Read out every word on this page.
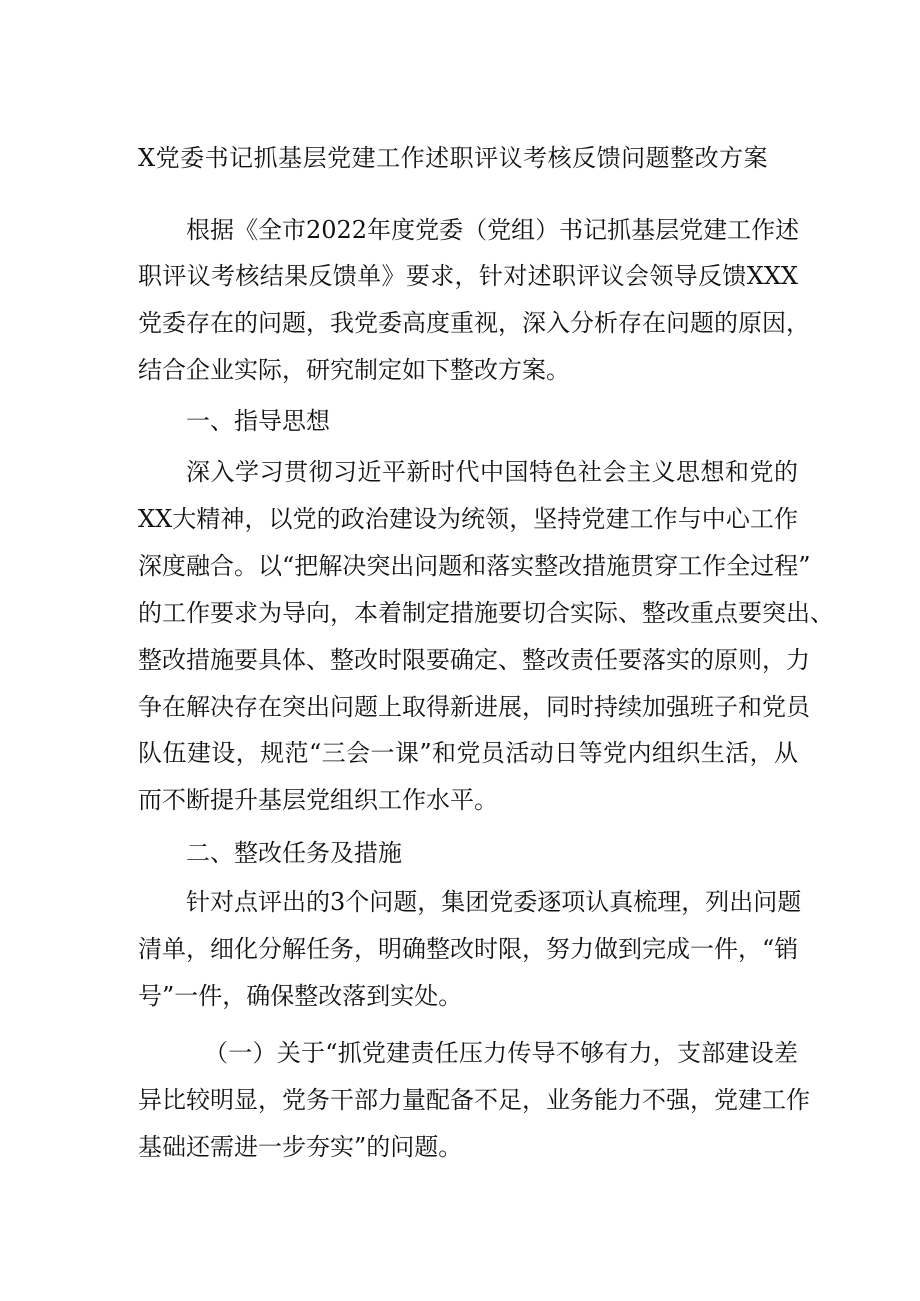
X党委书记抓基层党建工作述职评议考核反馈问题整改方案
根据《全市2022年度党委（党组）书记抓基层党建工作述
职评议考核结果反馈单》要求，针对述职评议会领导反馈XXX
党委存在的问题，我党委高度重视，深入分析存在问题的原因，
结合企业实际，研究制定如下整改方案。
一、指导思想
深入学习贯彻习近平新时代中国特色社会主义思想和党的
XX大精神，以党的政治建设为统领，坚持党建工作与中心工作
深度融合。以“把解决突出问题和落实整改措施贯穿工作全过程”
的工作要求为导向，本着制定措施要切合实际、整改重点要突出、
整改措施要具体、整改时限要确定、整改责任要落实的原则，力
争在解决存在突出问题上取得新进展，同时持续加强班子和党员
队伍建设，规范“三会一课”和党员活动日等党内组织生活，从
而不断提升基层党组织工作水平。
二、整改任务及措施
针对点评出的3个问题，集团党委逐项认真梳理，列出问题
清单，细化分解任务，明确整改时限，努力做到完成一件，“销
号”一件，确保整改落到实处。
（一）关于“抓党建责任压力传导不够有力，支部建设差
异比较明显，党务干部力量配备不足，业务能力不强，党建工作
基础还需进一步夯实”的问题。
